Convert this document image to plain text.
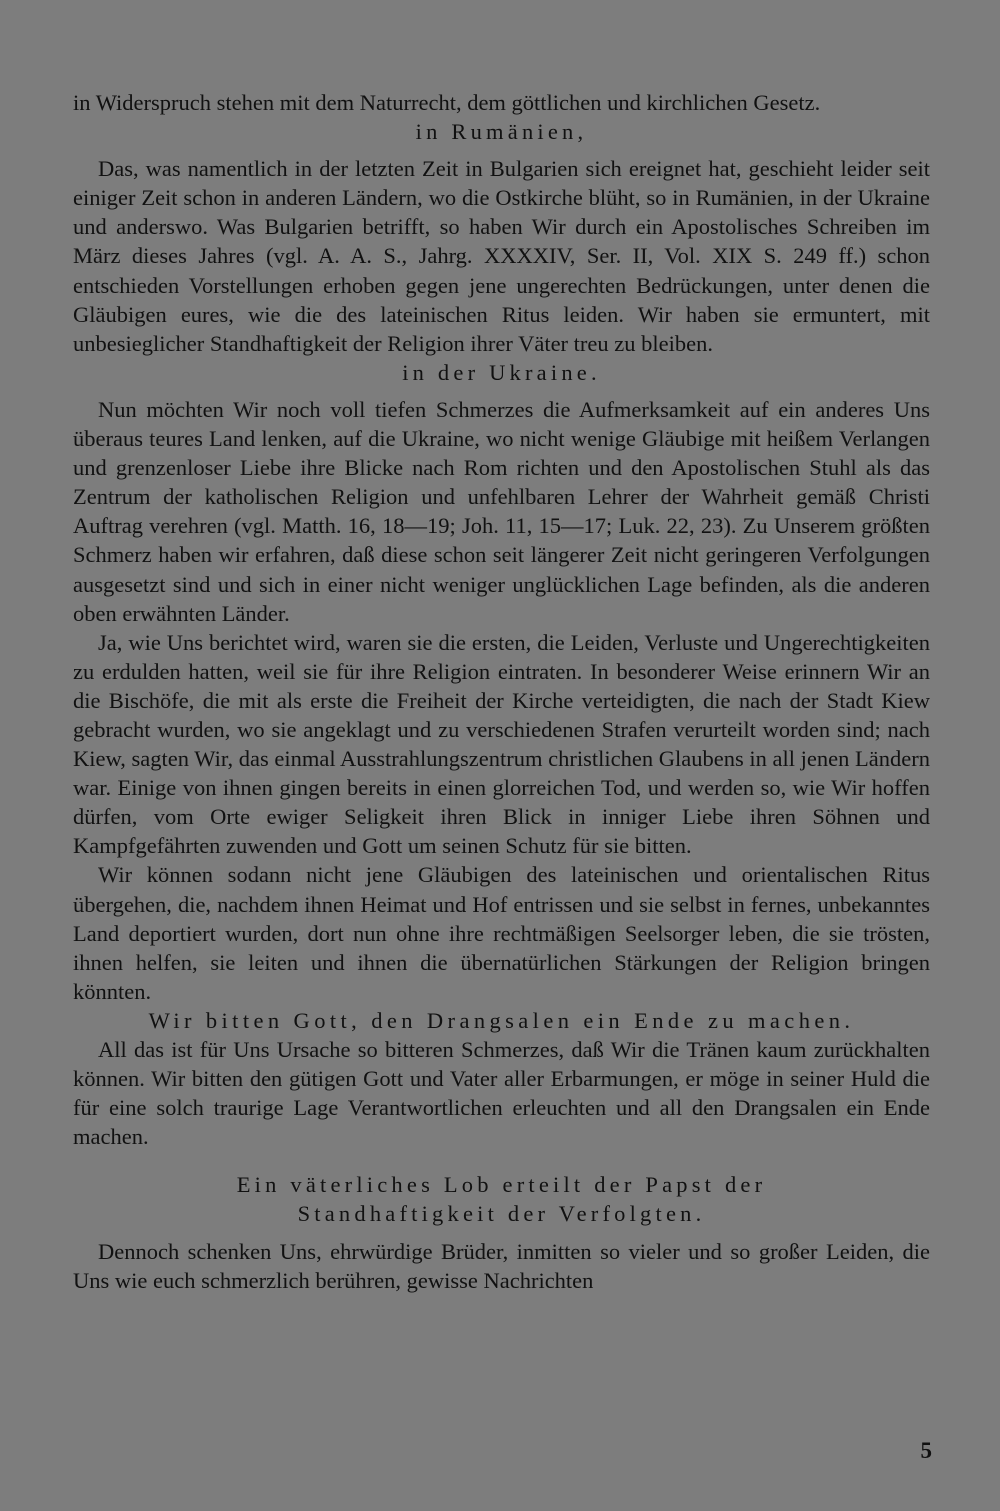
in Widerspruch stehen mit dem Naturrecht, dem göttlichen und kirchlichen Gesetz.

in Rumänien,

Das, was namentlich in der letzten Zeit in Bulgarien sich ereignet hat, geschieht leider seit einiger Zeit schon in anderen Ländern, wo die Ostkirche blüht, so in Rumänien, in der Ukraine und anderswo. Was Bulgarien betrifft, so haben Wir durch ein Apostolisches Schreiben im März dieses Jahres (vgl. A. A. S., Jahrg. XXXXIV, Ser. II, Vol. XIX S. 249 ff.) schon entschieden Vorstellungen erhoben gegen jene ungerechten Bedrückungen, unter denen die Gläubigen eures, wie die des lateinischen Ritus leiden. Wir haben sie ermuntert, mit unbesieglicher Standhaftigkeit der Religion ihrer Väter treu zu bleiben.

in der Ukraine.

Nun möchten Wir noch voll tiefen Schmerzes die Aufmerksamkeit auf ein anderes Uns überaus teures Land lenken, auf die Ukraine, wo nicht wenige Gläubige mit heißem Verlangen und grenzenloser Liebe ihre Blicke nach Rom richten und den Apostolischen Stuhl als das Zentrum der katholischen Religion und unfehlbaren Lehrer der Wahrheit gemäß Christi Auftrag verehren (vgl. Matth. 16, 18—19; Joh. 11, 15—17; Luk. 22, 23). Zu Unserem größten Schmerz haben wir erfahren, daß diese schon seit längerer Zeit nicht geringeren Verfolgungen ausgesetzt sind und sich in einer nicht weniger unglücklichen Lage befinden, als die anderen oben erwähnten Länder.

Ja, wie Uns berichtet wird, waren sie die ersten, die Leiden, Verluste und Ungerechtigkeiten zu erdulden hatten, weil sie für ihre Religion eintraten. In besonderer Weise erinnern Wir an die Bischöfe, die mit als erste die Freiheit der Kirche verteidigten, die nach der Stadt Kiew gebracht wurden, wo sie angeklagt und zu verschiedenen Strafen verurteilt worden sind; nach Kiew, sagten Wir, das einmal Ausstrahlungszentrum christlichen Glaubens in all jenen Ländern war. Einige von ihnen gingen bereits in einen glorreichen Tod, und werden so, wie Wir hoffen dürfen, vom Orte ewiger Seligkeit ihren Blick in inniger Liebe ihren Söhnen und Kampfgefährten zuwenden und Gott um seinen Schutz für sie bitten.

Wir können sodann nicht jene Gläubigen des lateinischen und orientalischen Ritus übergehen, die, nachdem ihnen Heimat und Hof entrissen und sie selbst in fernes, unbekanntes Land deportiert wurden, dort nun ohne ihre rechtmäßigen Seelsorger leben, die sie trösten, ihnen helfen, sie leiten und ihnen die übernatürlichen Stärkungen der Religion bringen könnten.

Wir bitten Gott, den Drangsalen ein Ende zu machen.

All das ist für Uns Ursache so bitteren Schmerzes, daß Wir die Tränen kaum zurückhalten können. Wir bitten den gütigen Gott und Vater aller Erbarmungen, er möge in seiner Huld die für eine solch traurige Lage Verantwortlichen erleuchten und all den Drangsalen ein Ende machen.

Ein väterliches Lob erteilt der Papst der

Standhaftigkeit der Verfolgten.

Dennoch schenken Uns, ehrwürdige Brüder, inmitten so vieler und so großer Leiden, die Uns wie euch schmerzlich berühren, gewisse Nachrichten

5
